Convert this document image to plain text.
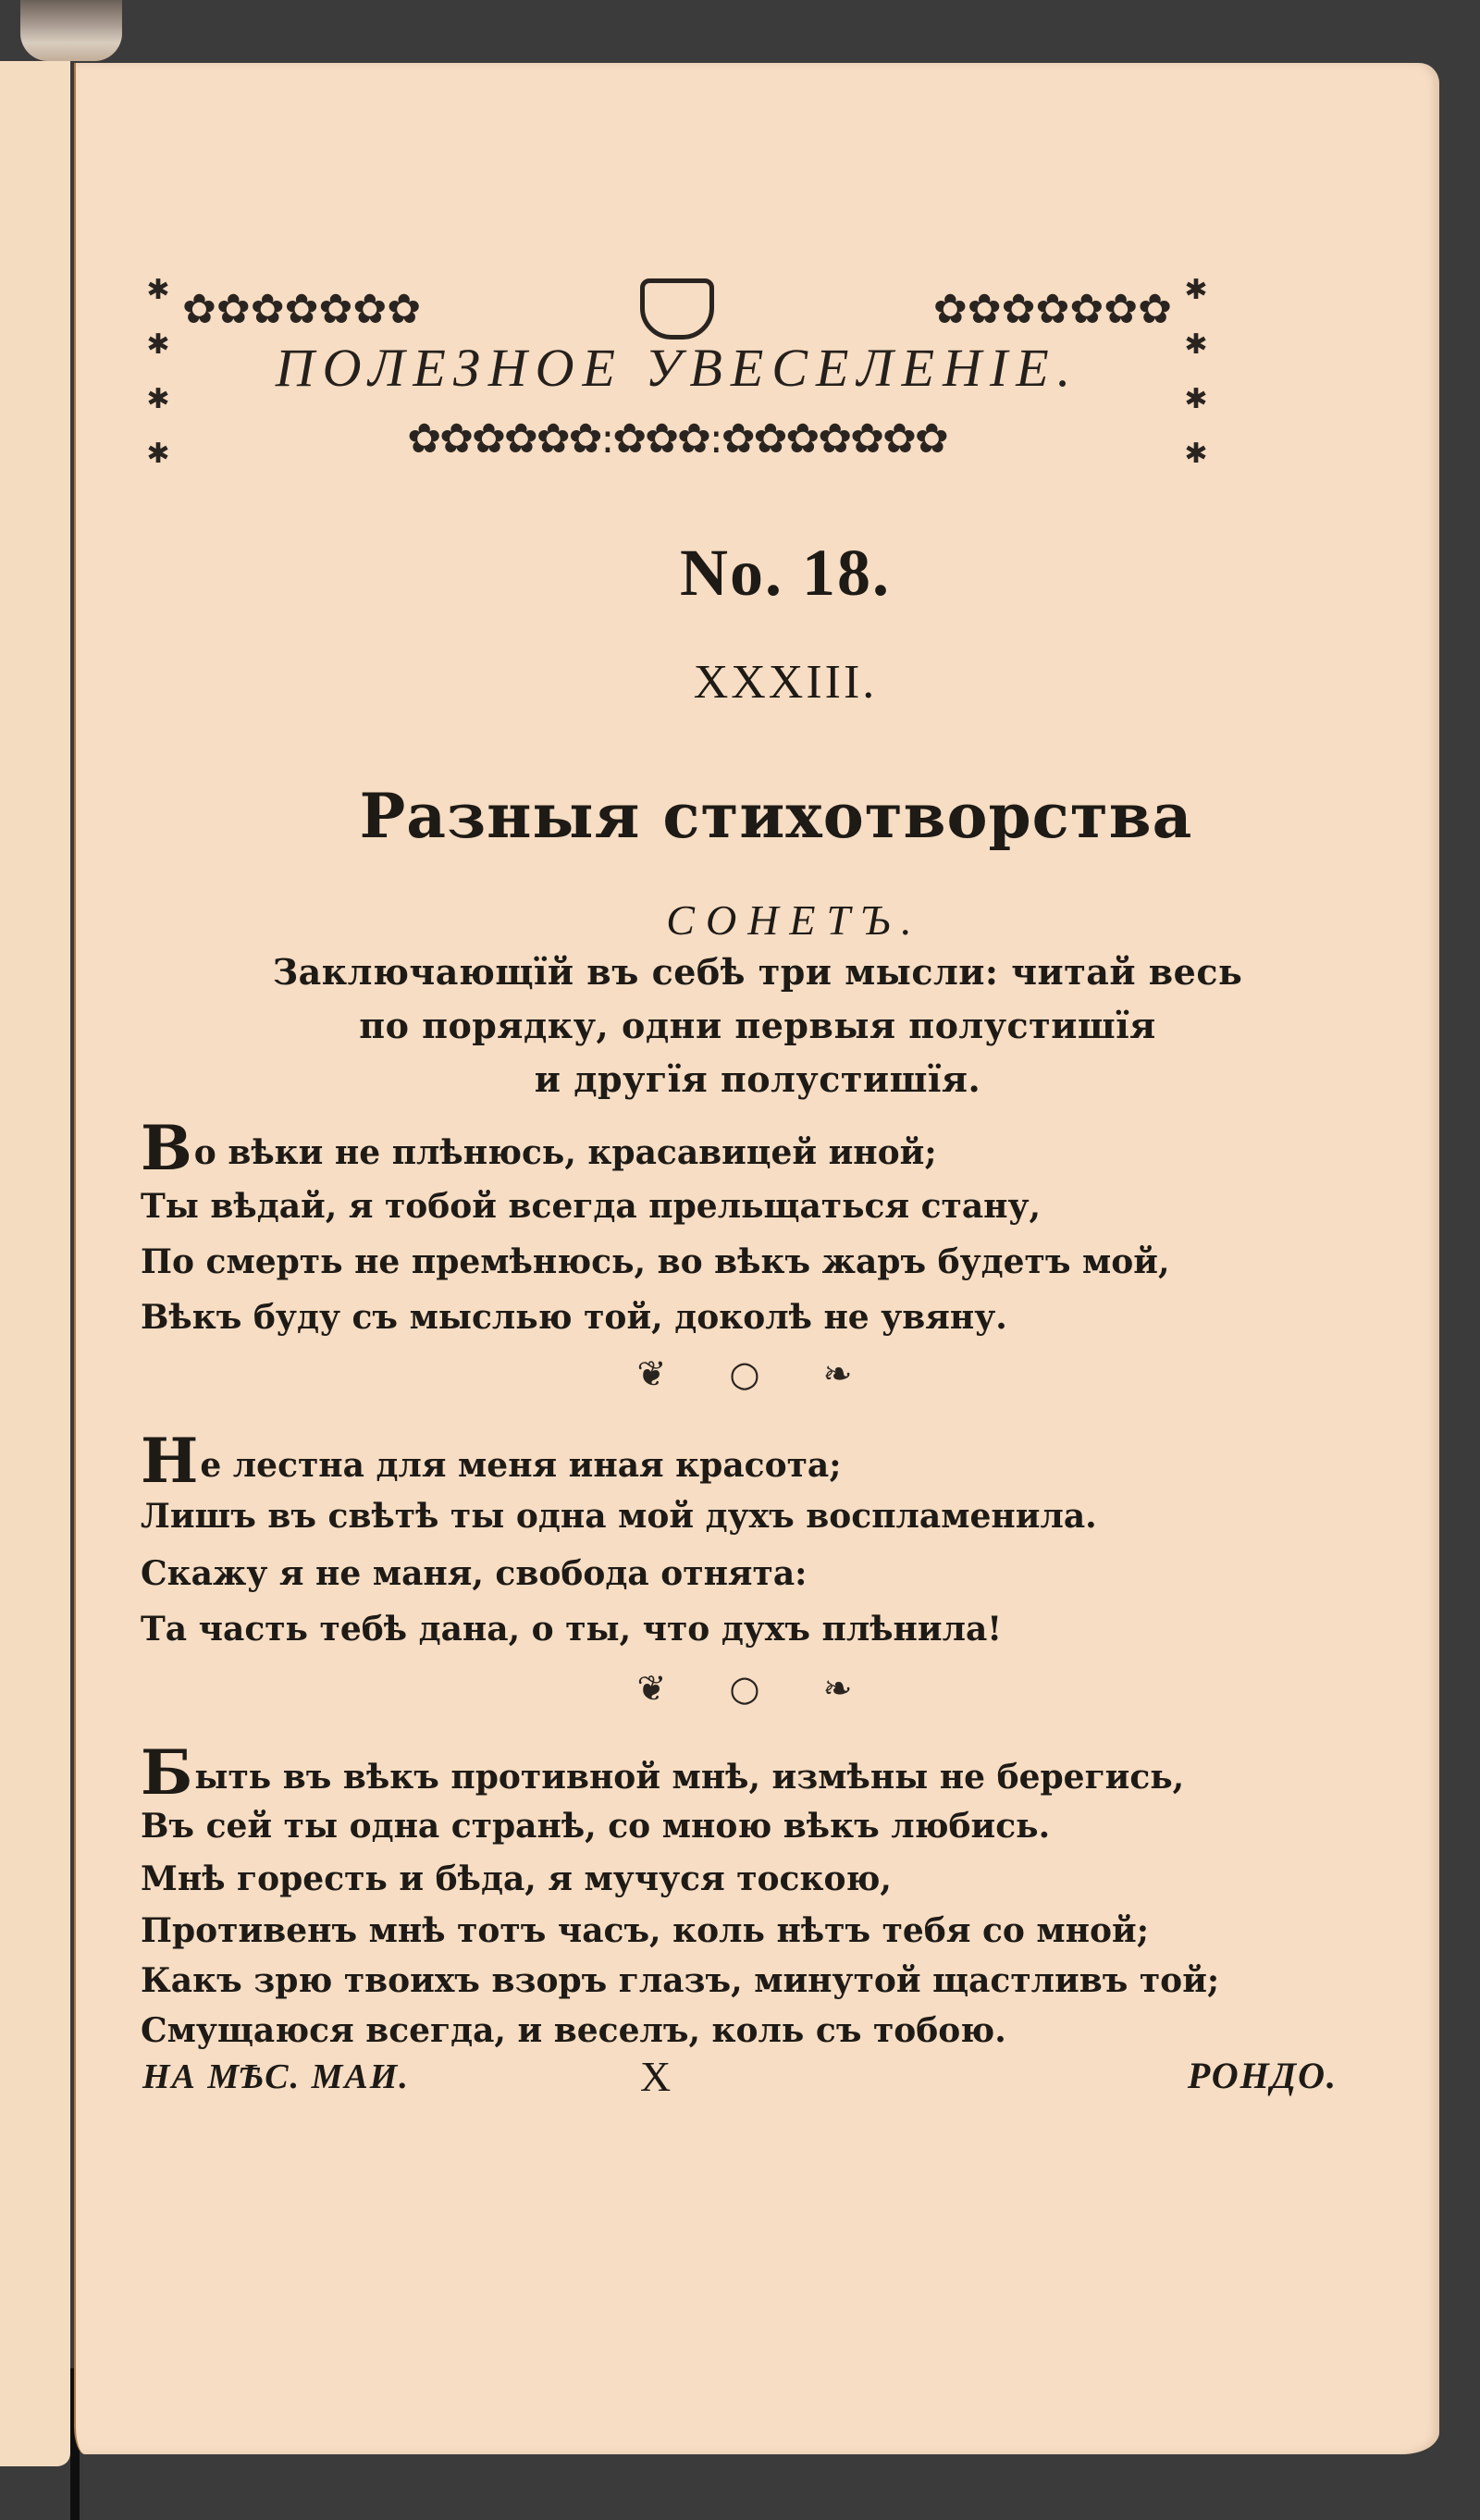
✱
✱
✱
✱
✿✿✿✿✿✿✿	✿✿✿✿✿✿✿
ПОЛЕЗНОЕ УВЕСЕЛЕНІЕ.
✿✿✿✿✿✿:✿✿✿:✿✿✿✿✿✿✿
✱
✱
✱
✱
No. 18.
XXXIII.
Разныя стихотворства
СОНЕТЪ.
Заключающїй въ себѣ три мысли: читай весь
по порядку, одни первыя полустишїя
и другїя полустишїя.
Во вѣки не плѣнюсь, красавицей иной;
Ты вѣдай, я тобой всегда прельщаться стану,
По смерть не премѣнюсь, во вѣкъ жаръ будетъ мой,
Вѣкъ буду съ мыслью той, доколѣ не увяну.
❦ ○ ❧
Не лестна для меня иная красота;
Лишъ въ свѣтѣ ты одна мой духъ воспламенила.
Скажу я не маня, свобода отнята:
Та часть тебѣ дана, о ты, что духъ плѣнила!
❦ ○ ❧
Быть въ вѣкъ противной мнѣ, измѣны не берегись,
Въ сей ты одна странѣ, со мною вѣкъ любись.
Мнѣ горесть и бѣда, я мучуся тоскою,
Противенъ мнѣ тотъ часъ, коль нѣтъ тебя со мной;
Какъ зрю твоихъ взоръ глазъ, минутой щастливъ той;
Смущаюся всегда, и веселъ, коль съ тобою.
НА МѢС. МАИ.	X	РОНДО.
